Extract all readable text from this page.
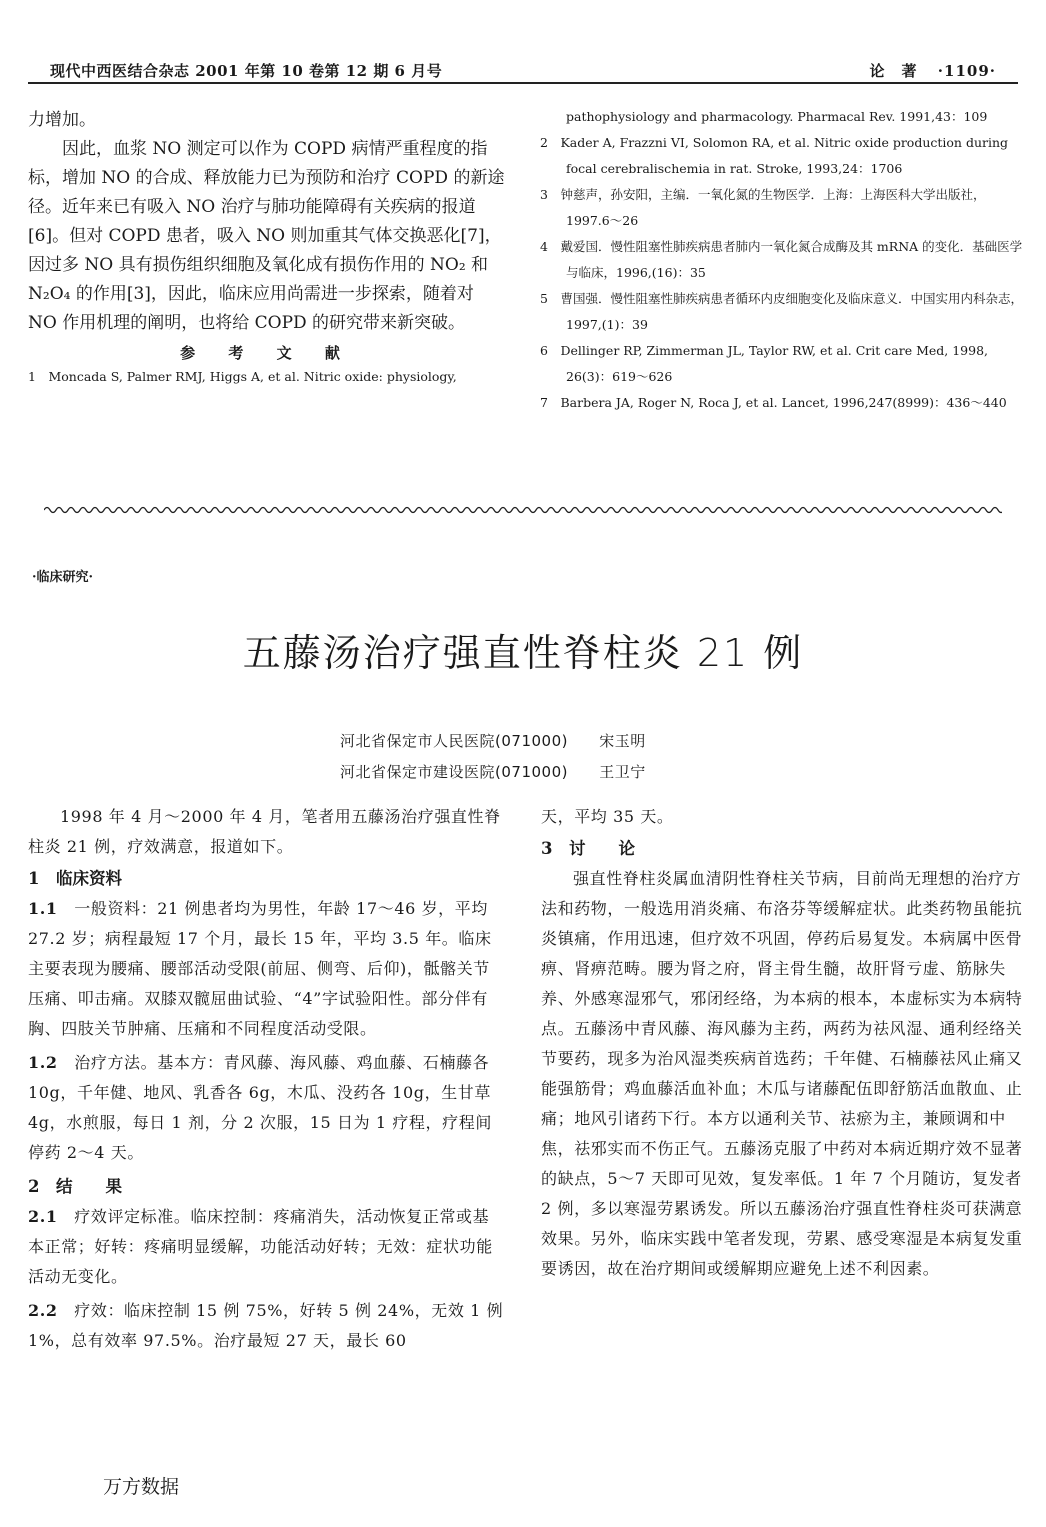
现代中西医结合杂志 2001 年第 10 卷第 12 期 6 月号	论　著 ·1109·

力增加。

因此，血浆 NO 测定可以作为 COPD 病情严重程度的指标，增加 NO 的合成、释放能力已为预防和治疗 COPD 的新途径。近年来已有吸入 NO 治疗与肺功能障碍有关疾病的报道[6]。但对 COPD 患者，吸入 NO 则加重其气体交换恶化[7]，因过多 NO 具有损伤组织细胞及氧化成有损伤作用的 NO₂ 和 N₂O₄ 的作用[3]，因此，临床应用尚需进一步探索，随着对 NO 作用机理的阐明，也将给 COPD 的研究带来新突破。

参 考 文 献

1　Moncada S, Palmer RMJ, Higgs A, et al. Nitric oxide: physiology,

pathophysiology and pharmacology. Pharmacal Rev. 1991,43：109

2　Kader A, Frazzni VI, Solomon RA, et al. Nitric oxide production during focal cerebralischemia in rat. Stroke, 1993,24：1706

3　钟慈声，孙安阳，主编．一氧化氮的生物医学．上海：上海医科大学出版社，1997.6～26

4　戴爱国．慢性阻塞性肺疾病患者肺内一氧化氮合成酶及其 mRNA 的变化．基础医学与临床，1996,(16)：35

5　曹国强．慢性阻塞性肺疾病患者循环内皮细胞变化及临床意义．中国实用内科杂志，1997,(1)：39

6　Dellinger RP, Zimmerman JL, Taylor RW, et al. Crit care Med, 1998, 26(3)：619～626

7　Barbera JA, Roger N, Roca J, et al. Lancet, 1996,247(8999)：436～440

·临床研究·
五藤汤治疗强直性脊柱炎 21 例
河北省保定市人民医院(071000) 宋玉明
河北省保定市建设医院(071000) 王卫宁

1998 年 4 月～2000 年 4 月，笔者用五藤汤治疗强直性脊柱炎 21 例，疗效满意，报道如下。

1　临床资料

1.1　一般资料：21 例患者均为男性，年龄 17～46 岁，平均 27.2 岁；病程最短 17 个月，最长 15 年，平均 3.5 年。临床主要表现为腰痛、腰部活动受限(前屈、侧弯、后仰)，骶髂关节压痛、叩击痛。双膝双髋屈曲试验、“4”字试验阳性。部分伴有胸、四肢关节肿痛、压痛和不同程度活动受限。

1.2　治疗方法。基本方：青风藤、海风藤、鸡血藤、石楠藤各 10g，千年健、地风、乳香各 6g，木瓜、没药各 10g，生甘草 4g，水煎服，每日 1 剂，分 2 次服，15 日为 1 疗程，疗程间停药 2～4 天。

2　结　　果

2.1　疗效评定标准。临床控制：疼痛消失，活动恢复正常或基本正常；好转：疼痛明显缓解，功能活动好转；无效：症状功能活动无变化。

2.2　疗效：临床控制 15 例 75%，好转 5 例 24%，无效 1 例 1%，总有效率 97.5%。治疗最短 27 天，最长 60

天，平均 35 天。

3　讨　　论

强直性脊柱炎属血清阴性脊柱关节病，目前尚无理想的治疗方法和药物，一般选用消炎痛、布洛芬等缓解症状。此类药物虽能抗炎镇痛，作用迅速，但疗效不巩固，停药后易复发。本病属中医骨痹、肾痹范畴。腰为肾之府，肾主骨生髓，故肝肾亏虚、筋脉失养、外感寒湿邪气，邪闭经络，为本病的根本，本虚标实为本病特点。五藤汤中青风藤、海风藤为主药，两药为祛风湿、通利经络关节要药，现多为治风湿类疾病首选药；千年健、石楠藤祛风止痛又能强筋骨；鸡血藤活血补血；木瓜与诸藤配伍即舒筋活血散血、止痛；地风引诸药下行。本方以通利关节、祛瘀为主，兼顾调和中焦，祛邪实而不伤正气。五藤汤克服了中药对本病近期疗效不显著的缺点，5～7 天即可见效，复发率低。1 年 7 个月随访，复发者 2 例，多以寒湿劳累诱发。所以五藤汤治疗强直性脊柱炎可获满意效果。另外，临床实践中笔者发现，劳累、感受寒湿是本病复发重要诱因，故在治疗期间或缓解期应避免上述不利因素。

万方数据
